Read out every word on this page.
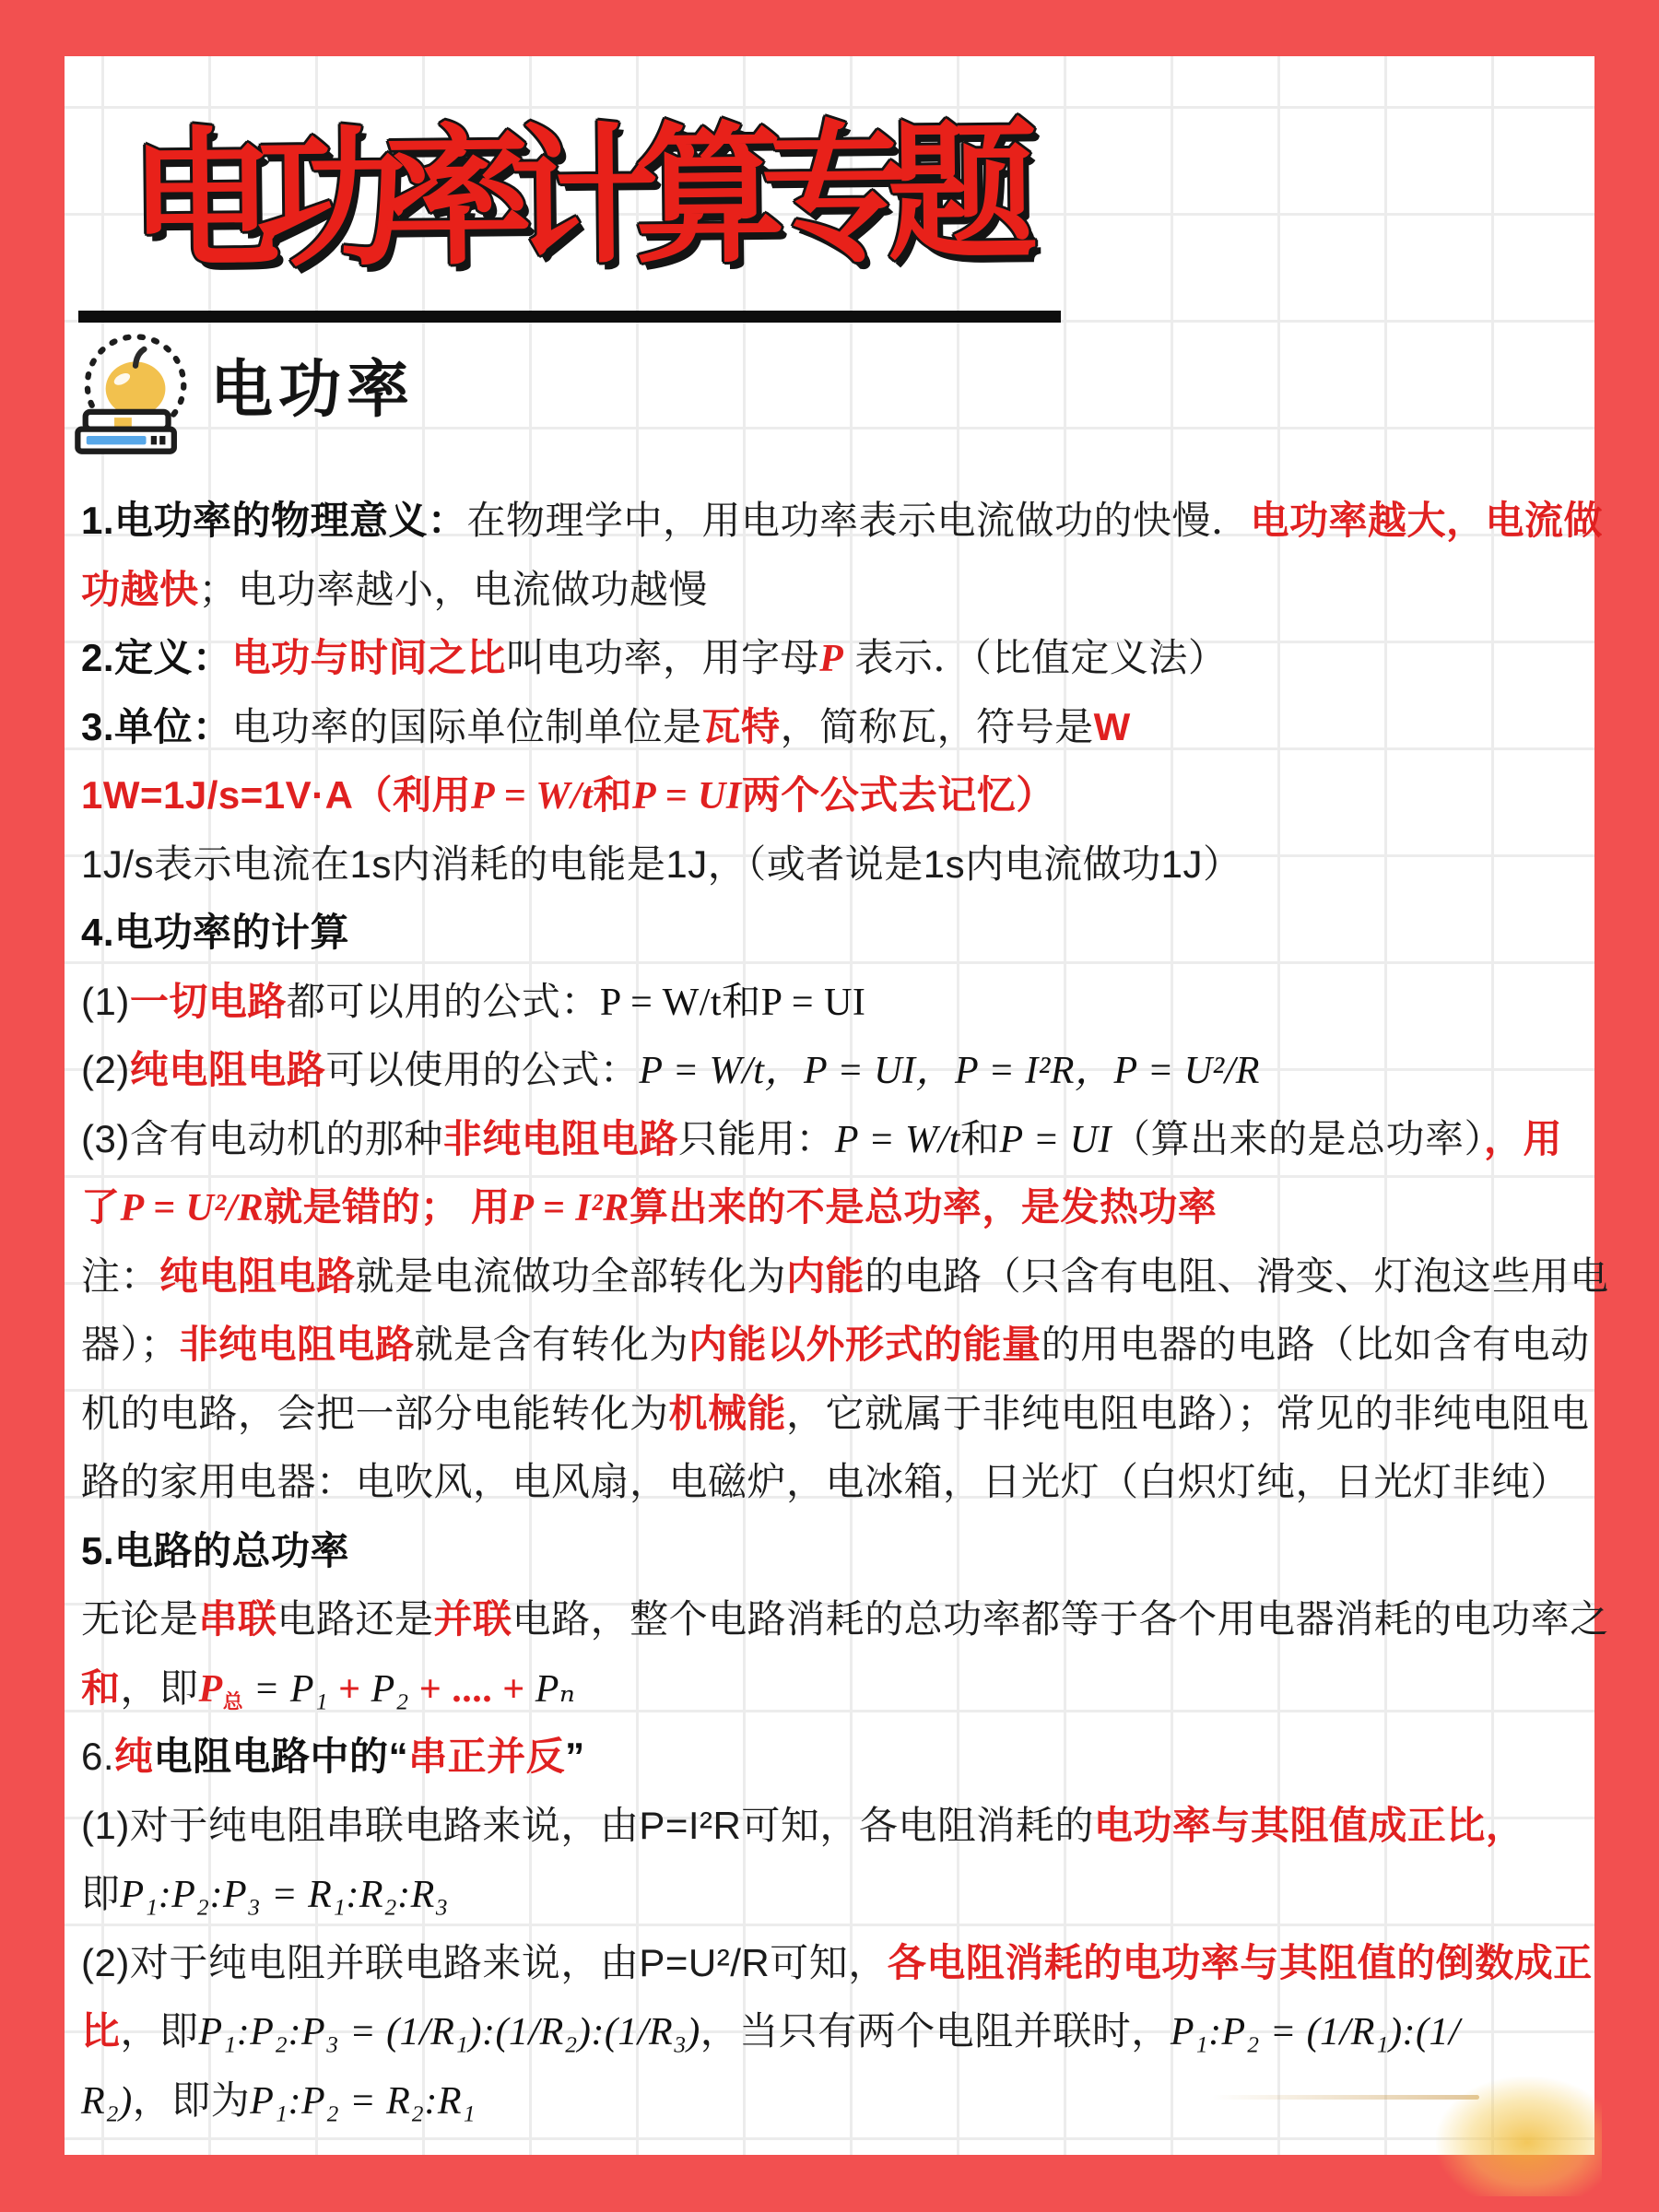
电功率计算专题
电功率
1.电功率的物理意义：在物理学中，用电功率表示电流做功的快慢．电功率越大，电流做
功越快；电功率越小，电流做功越慢
2.定义：电功与时间之比叫电功率，用字母P 表示．（比值定义法）
3.单位：电功率的国际单位制单位是瓦特，简称瓦，符号是W
1W=1J/s=1V·A（利用P = W/t和P = UI两个公式去记忆）
1J/s表示电流在1s内消耗的电能是1J，（或者说是1s内电流做功1J）
4.电功率的计算
(1)一切电路都可以用的公式：P = W/t和P = UI
(2)纯电阻电路可以使用的公式：P = W/t，P = UI，P = I²R，P = U²/R
(3)含有电动机的那种非纯电阻电路只能用：P = W/t和P = UI（算出来的是总功率），用
了P = U²/R就是错的； 用P = I²R算出来的不是总功率，是发热功率
注：纯电阻电路就是电流做功全部转化为内能的电路（只含有电阻、滑变、灯泡这些用电
器）；非纯电阻电路就是含有转化为内能以外形式的能量的用电器的电路（比如含有电动
机的电路，会把一部分电能转化为机械能，它就属于非纯电阻电路）；常见的非纯电阻电
路的家用电器：电吹风，电风扇，电磁炉，电冰箱，日光灯（白炽灯纯，日光灯非纯）
5.电路的总功率
无论是串联电路还是并联电路，整个电路消耗的总功率都等于各个用电器消耗的电功率之
和，即P总 = P₁ + P₂ + .... + Pₙ
6.纯电阻电路中的“串正并反”
(1)对于纯电阻串联电路来说，由P=I²R可知，各电阻消耗的电功率与其阻值成正比，
即P₁:P₂:P₃ = R₁:R₂:R₃
(2)对于纯电阻并联电路来说，由P=U²/R可知，各电阻消耗的电功率与其阻值的倒数成正
比，即P₁:P₂:P₃ = (1/R₁):(1/R₂):(1/R₃)，当只有两个电阻并联时，P₁:P₂ = (1/R₁):(1/
R₂)，即为P₁:P₂ = R₂:R₁
